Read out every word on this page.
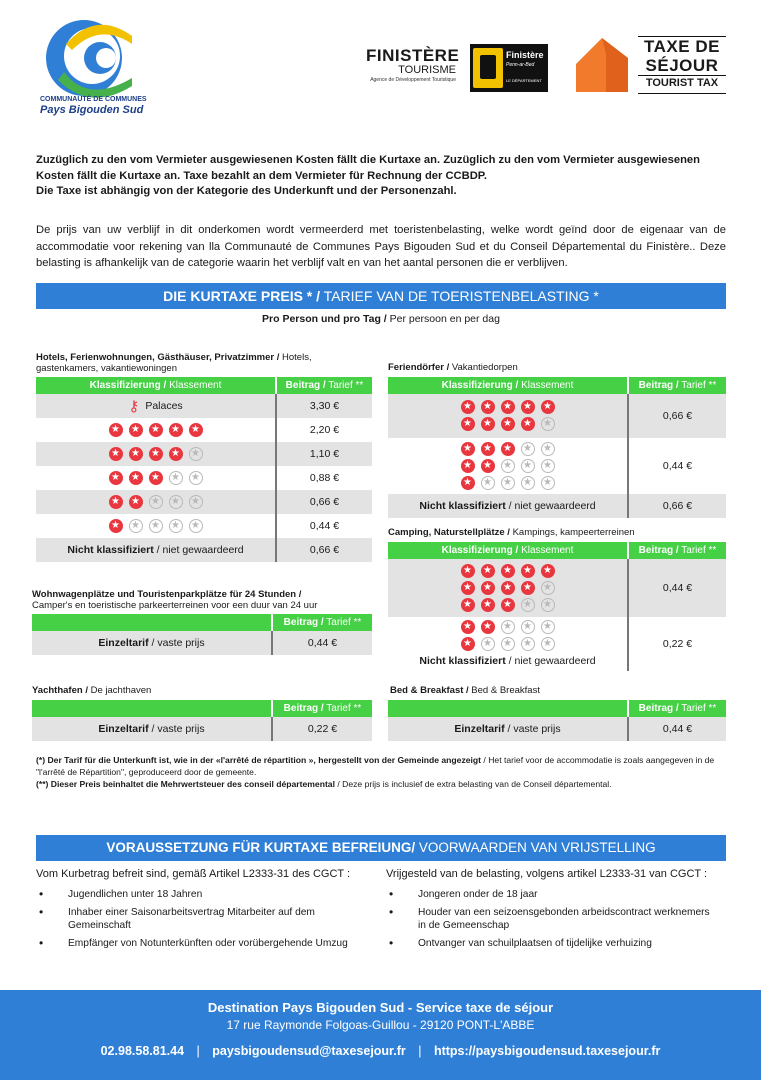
COMMUNAUTÉ DE COMMUNES
Pays Bigouden Sud
FINISTÈRE
TOURISME
Agence de Développement Touristique
Finistère
Penn-ar-Bed
LE DÉPARTEMENT
TAXE DE
SÉJOUR
TOURIST TAX
Zuzüglich zu den vom Vermieter ausgewiesenen Kosten fällt die Kurtaxe an. Zuzüglich zu den vom Vermieter ausgewiesenen Kosten fällt die Kurtaxe an. Taxe bezahlt an dem Vermieter für Rechnung der CCBDP.
Die Taxe ist abhängig von der Kategorie des Underkunft und der Personenzahl.
De prijs van uw verblijf in dit onderkomen wordt vermeerderd met toeristenbelasting, welke wordt geïnd door de eigenaar van de accommodatie voor rekening van lla Communauté de Communes Pays Bigouden Sud et du Conseil Départemental du Finistère.. Deze belasting is afhankelijk van de categorie waarin het verblijf valt en van het aantal personen die er verblijven.
DIE KURTAXE PREIS * / TARIEF VAN DE TOERISTENBELASTING *
Pro Person und pro Tag / Per persoon en per dag
Hotels, Ferienwohnungen, Gästhäuser, Privatzimmer / Hotels, gastenkamers, vakantiewoningen
Klassifizierung / Klassement	Beitrag / Tarief **
⚷ Palaces	3,30 €
★★★★★	2,20 €
★★★★★	1,10 €
★★★★★	0,88 €
★★★★★	0,66 €
★★★★★	0,44 €
Nicht klassifiziert / niet gewaardeerd	0,66 €
Feriendörfer / Vakantiedorpen
Klassifizierung / Klassement	Beitrag / Tarief **

★★★★★
★★★★★
	0,66 €

★★★★★
★★★★★
★★★★★
	0,44 €
Nicht klassifiziert / niet gewaardeerd	0,66 €
Camping, Naturstellplätze / Kampings, kampeerterreinen
Klassifizierung / Klassement	Beitrag / Tarief **

★★★★★
★★★★★
★★★★★
	0,44 €

★★★★★
★★★★★
Nicht klassifiziert / niet gewaardeerd	0,22 €
Wohnwagenplätze und Touristenparkplätze für 24 Stunden /
Camper's en toeristische parkeerterreinen voor een duur van 24 uur
	Beitrag / Tarief **
Einzeltarif / vaste prijs	0,44 €
Yachthafen / De jachthaven
	Beitrag / Tarief **
Einzeltarif / vaste prijs	0,22 €
Bed & Breakfast / Bed & Breakfast
	Beitrag / Tarief **
Einzeltarif / vaste prijs	0,44 €
(*) Der Tarif für die Unterkunft ist, wie in der «l'arrêté de répartition », hergestellt von der Gemeinde angezeigt / Het tarief voor de accommodatie is zoals aangegeven in de "l'arrêté de Répartition", geproduceerd door de gemeente.
(**) Dieser Preis beinhaltet die Mehrwertsteuer des conseil départemental / Deze prijs is inclusief de extra belasting van de Conseil départemental.
VORAUSSETZUNG FÜR KURTAXE BEFREIUNG/ VOORWAARDEN VAN VRIJSTELLING
Vom Kurbetrag befreit sind, gemäß Artikel L2333-31 des CGCT :
• Jugendlichen unter 18 Jahren
• Inhaber einer Saisonarbeitsvertrag Mitarbeiter auf dem Gemeinschaft
• Empfänger von Notunterkünften oder vorübergehende Umzug
Vrijgesteld van de belasting, volgens artikel L2333-31 van CGCT :
• Jongeren onder de 18 jaar
• Houder van een seizoensgebonden arbeidscontract werknemers in de Gemeenschap
• Ontvanger van schuilplaatsen of tijdelijke verhuizing
Destination Pays Bigouden Sud - Service taxe de séjour
17 rue Raymonde Folgoas-Guillou - 29120 PONT-L'ABBE
02.98.58.81.44 | paysbigoudensud@taxesejour.fr | https://paysbigoudensud.taxesejour.fr
